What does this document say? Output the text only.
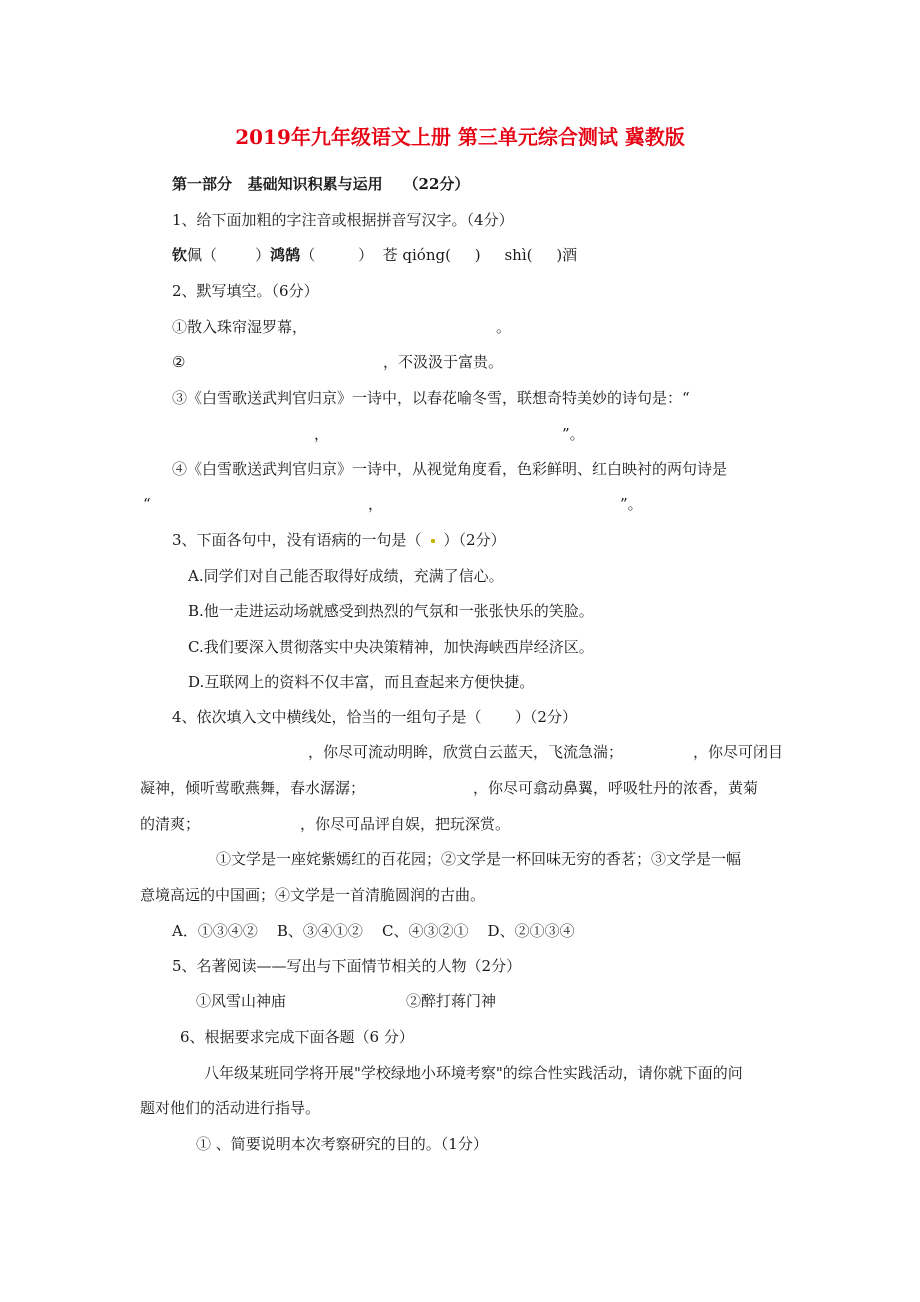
2019年九年级语文上册 第三单元综合测试 冀教版
第一部分   基础知识积累与运用    （22分）
1、给下面加粗的字注音或根据拼音写汉字。（4分）
钦佩（        ）鸿鹄（         ）  苍 qióng(     )     shì(     )酒
2、默写填空。（6分）
①散入珠帘湿罗幕，	。
②	，不汲汲于富贵。
③《白雪歌送武判官归京》一诗中，以春花喻冬雪，联想奇特美妙的诗句是：“
，	”。
④《白雪歌送武判官归京》一诗中，从视觉角度看，色彩鲜明、红白映衬的两句诗是
“	，	”。
3、下面各句中，没有语病的一句是（ ）（2分）
A.同学们对自己能否取得好成绩，充满了信心。
B.他一走进运动场就感受到热烈的气氛和一张张快乐的笑脸。
C.我们要深入贯彻落实中央决策精神，加快海峡西岸经济区。
D.互联网上的资料不仅丰富，而且查起来方便快捷。
4、依次填入文中横线处，恰当的一组句子是（       ）（2分）
，你尽可流动明眸，欣赏白云蓝天，飞流急湍；	，你尽可闭目
凝神，倾听莺歌燕舞，春水潺潺；	，你尽可翕动鼻翼，呼吸牡丹的浓香，黄菊
的清爽；	，你尽可品评自娱，把玩深赏。
①文学是一座姹紫嫣红的百花园；②文学是一杯回味无穷的香茗；③文学是一幅
意境高远的中国画；④文学是一首清脆圆润的古曲。
A．①③④②    B、③④①②    C、④③②①    D、②①③④
5、名著阅读——写出与下面情节相关的人物（2分）
①风雪山神庙	②醉打蒋门神
6、根据要求完成下面各题（6 分）
八年级某班同学将开展"学校绿地小环境考察"的综合性实践活动，请你就下面的问
题对他们的活动进行指导。
① 、简要说明本次考察研究的目的。（1分）
